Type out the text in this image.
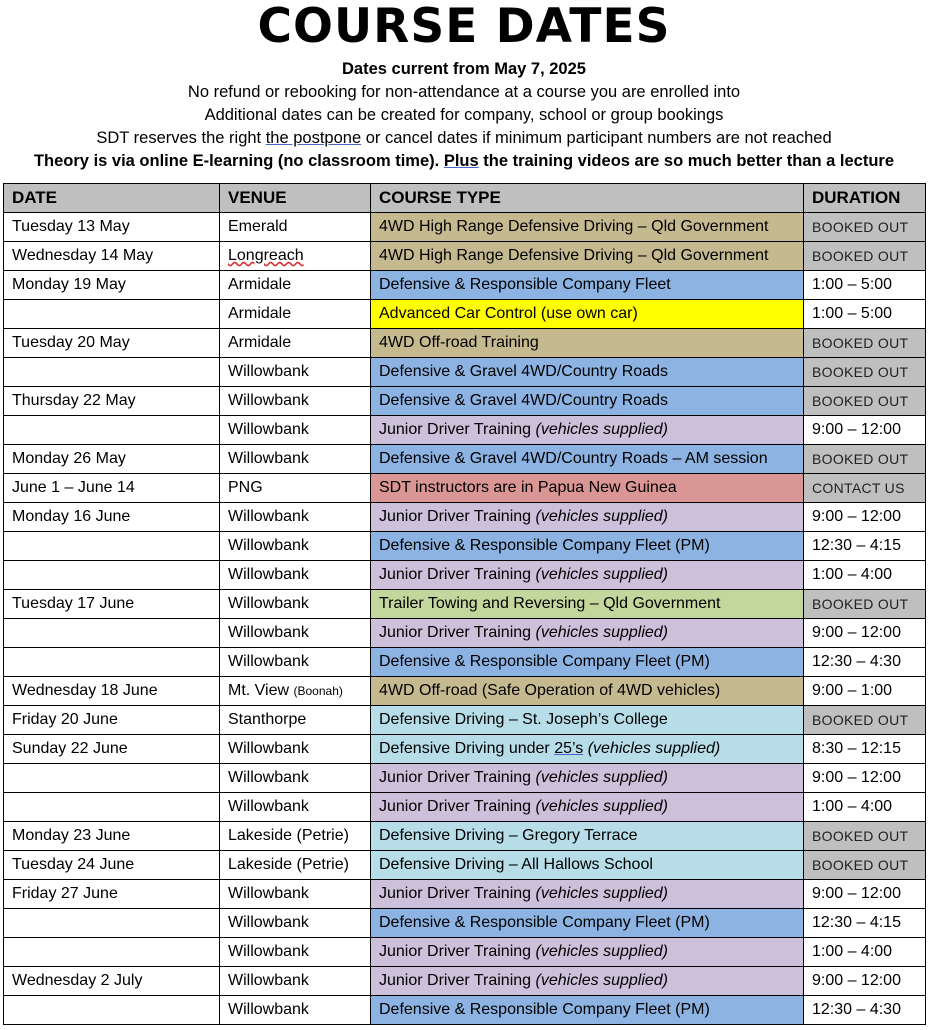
COURSE DATES
Dates current from May 7, 2025
No refund or rebooking for non-attendance at a course you are enrolled into
Additional dates can be created for company, school or group bookings
SDT reserves the right the postpone or cancel dates if minimum participant numbers are not reached
Theory is via online E-learning (no classroom time). Plus the training videos are so much better than a lecture
DATE	VENUE	COURSE TYPE	DURATION
Tuesday 13 May	Emerald	4WD High Range Defensive Driving – Qld Government	BOOKED OUT
Wednesday 14 May	Longreach	4WD High Range Defensive Driving – Qld Government	BOOKED OUT
Monday 19 May	Armidale	Defensive & Responsible Company Fleet	1:00 – 5:00
	Armidale	Advanced Car Control (use own car)	1:00 – 5:00
Tuesday 20 May	Armidale	4WD Off-road Training	BOOKED OUT
	Willowbank	Defensive & Gravel 4WD/Country Roads	BOOKED OUT
Thursday 22 May	Willowbank	Defensive & Gravel 4WD/Country Roads	BOOKED OUT
	Willowbank	Junior Driver Training (vehicles supplied)	9:00 – 12:00
Monday 26 May	Willowbank	Defensive & Gravel 4WD/Country Roads – AM session	BOOKED OUT
June 1 – June 14	PNG	SDT instructors are in Papua New Guinea	CONTACT US
Monday 16 June	Willowbank	Junior Driver Training (vehicles supplied)	9:00 – 12:00
	Willowbank	Defensive & Responsible Company Fleet (PM)	12:30 – 4:15
	Willowbank	Junior Driver Training (vehicles supplied)	1:00 – 4:00
Tuesday 17 June	Willowbank	Trailer Towing and Reversing – Qld Government	BOOKED OUT
	Willowbank	Junior Driver Training (vehicles supplied)	9:00 – 12:00
	Willowbank	Defensive & Responsible Company Fleet (PM)	12:30 – 4:30
Wednesday 18 June	Mt. View (Boonah)	4WD Off-road (Safe Operation of 4WD vehicles)	9:00 – 1:00
Friday 20 June	Stanthorpe	Defensive Driving – St. Joseph’s College	BOOKED OUT
Sunday 22 June	Willowbank	Defensive Driving under 25’s (vehicles supplied)	8:30 – 12:15
	Willowbank	Junior Driver Training (vehicles supplied)	9:00 – 12:00
	Willowbank	Junior Driver Training (vehicles supplied)	1:00 – 4:00
Monday 23 June	Lakeside (Petrie)	Defensive Driving – Gregory Terrace	BOOKED OUT
Tuesday 24 June	Lakeside (Petrie)	Defensive Driving – All Hallows School	BOOKED OUT
Friday 27 June	Willowbank	Junior Driver Training (vehicles supplied)	9:00 – 12:00
	Willowbank	Defensive & Responsible Company Fleet (PM)	12:30 – 4:15
	Willowbank	Junior Driver Training (vehicles supplied)	1:00 – 4:00
Wednesday 2 July	Willowbank	Junior Driver Training (vehicles supplied)	9:00 – 12:00
	Willowbank	Defensive & Responsible Company Fleet (PM)	12:30 – 4:30
